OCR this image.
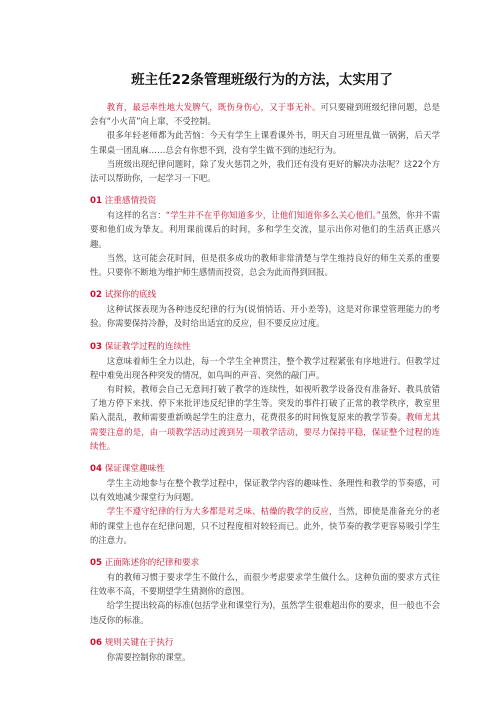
班主任22条管理班级行为的方法，太实用了

教育，最忌率性地大发脾气，既伤身伤心，又于事无补。可只要碰到班级纪律问题，总是会有“小火苗”向上窜，不受控制。

很多年轻老师都为此苦恼：今天有学生上课看课外书，明天自习班里乱做一锅粥，后天学生课桌一团乱麻……总会有你想不到，没有学生做不到的违纪行为。

当班级出现纪律问题时，除了发火惩罚之外，我们还有没有更好的解决办法呢？这22个方法可以帮助你，一起学习一下吧。

01 注重感情投资

有这样的名言：“学生并不在乎你知道多少，让他们知道你多么关心他们。”虽然，你并不需要和他们成为挚友。利用课前课后的时间，多和学生交流，显示出你对他们的生活真正感兴趣。

当然，这可能会花时间，但是很多成功的教师非常清楚与学生维持良好的师生关系的重要性。只要你不断地为维护师生感情而投资，总会为此而得到回报。

02 试探你的底线

这种试探表现为各种违反纪律的行为(说悄悄话、开小差等)，这是对你课堂管理能力的考验。你需要保持冷静，及时给出适宜的反应，但不要反应过度。

03 保证教学过程的连续性

这意味着师生全力以赴，每一个学生全神贯注，整个教学过程紧张有序地进行。但教学过程中难免出现各种突发的情况，如鸟叫的声音、突然的敲门声。

有时候，教师会自己无意间打破了教学的连续性，如视听教学设备没有准备好、教具放错了地方停下来找、停下来批评违反纪律的学生等。突发的事件打破了正常的教学秩序，教室里陷入混乱，教师需要重新唤起学生的注意力，花费很多的时间恢复原来的教学节奏。教师尤其需要注意的是，由一项教学活动过渡到另一项教学活动，要尽力保持平稳，保证整个过程的连续性。

04 保证课堂趣味性

学生主动地参与在整个教学过程中，保证教学内容的趣味性、条理性和教学的节奏感，可以有效地减少课堂行为问题。

学生不遵守纪律的行为大多都是对乏味、枯燥的教学的反应，当然，即使是准备充分的老师的课堂上也存在纪律问题，只不过程度相对较轻而已。此外，快节奏的教学更容易吸引学生的注意力。

05 正面陈述你的纪律和要求

有的教师习惯于要求学生不做什么，而很少考虑要求学生做什么。这种负面的要求方式往往效率不高，不要期望学生猜测你的意图。

给学生提出较高的标准(包括学业和课堂行为)，虽然学生很难超出你的要求，但一般也不会违反你的标准。

06 规则关键在于执行

你需要控制你的课堂。
